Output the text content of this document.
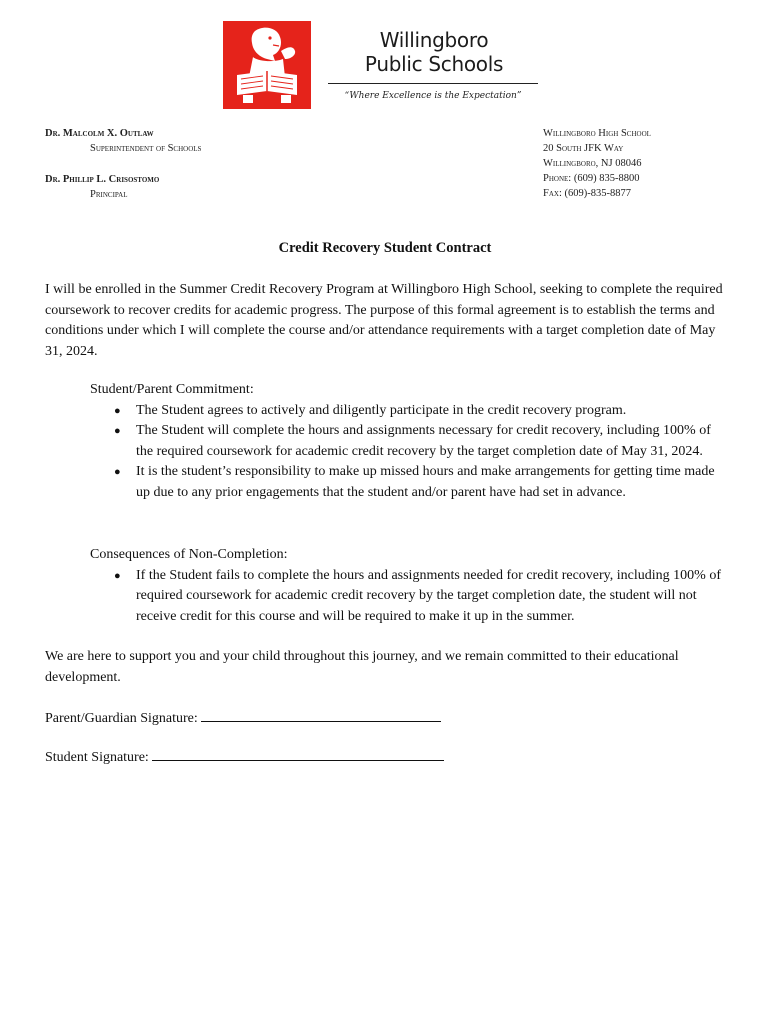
Willingboro
Public Schools
“Where Excellence is the Expectation”
Dr. Malcolm X. Outlaw
Superintendent of Schools
Dr. Phillip L. Crisostomo
Principal
Willingboro High School
20 South JFK Way
Willingboro, NJ 08046
Phone: (609) 835-8800
Fax: (609)-835-8877
Credit Recovery Student Contract
I will be enrolled in the Summer Credit Recovery Program at Willingboro High School, seeking to complete the required coursework to recover credits for academic progress. The purpose of this formal agreement is to establish the terms and conditions under which I will complete the course and/or attendance requirements with a target completion date of May 31, 2024.
Student/Parent Commitment:
● The Student agrees to actively and diligently participate in the credit recovery program.
● The Student will complete the hours and assignments necessary for credit recovery, including 100% of the required coursework for academic credit recovery by the target completion date of May 31, 2024.
● It is the student’s responsibility to make up missed hours and make arrangements for getting time made up due to any prior engagements that the student and/or parent have had set in advance.
Consequences of Non-Completion:
● If the Student fails to complete the hours and assignments needed for credit recovery, including 100% of required coursework for academic credit recovery by the target completion date, the student will not receive credit for this course and will be required to make it up in the summer.
We are here to support you and your child throughout this journey, and we remain committed to their educational development.
Parent/Guardian Signature:
Student Signature:
